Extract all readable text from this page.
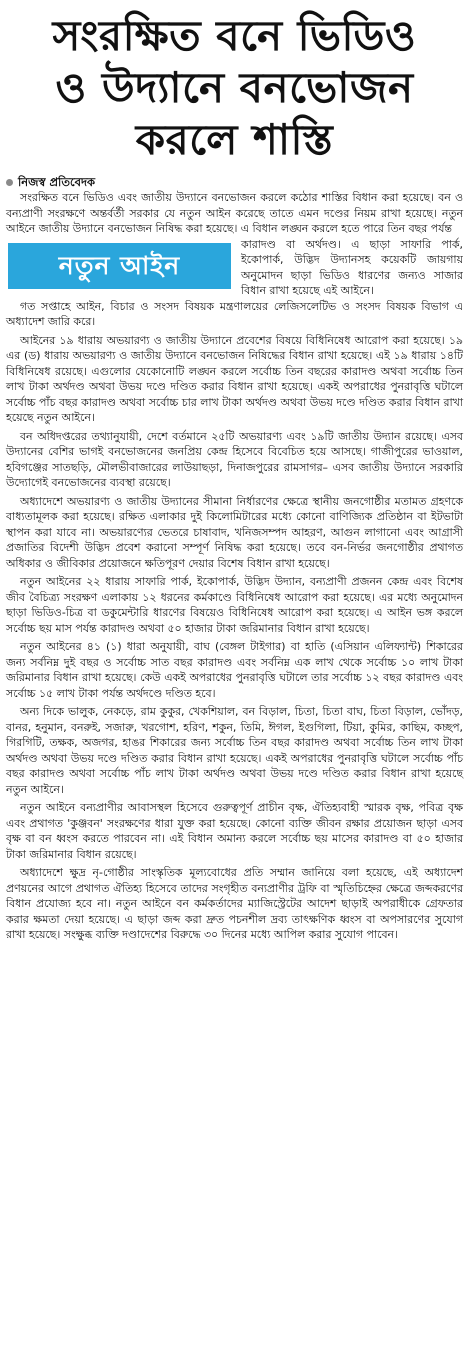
সংরক্ষিত বনে ভিডিও
ও উদ্যানে বনভোজন
করলে শাস্তি
নিজস্ব প্রতিবেদক

সংরক্ষিত বনে ভিডিও এবং জাতীয় উদ্যানে বনভোজন করলে কঠোর শাস্তির বিধান করা হয়েছে। বন ও বন্যপ্রাণী সংরক্ষণে অন্তর্বর্তী সরকার যে নতুন আইন করেছে তাতে এমন দণ্ডের নিয়ম রাখা হয়েছে। নতুন আইনে জাতীয় উদ্যানে বনভোজন নিষিদ্ধ করা হয়েছে। এ বিধান লঙ্ঘন করলে হতে পারে তিন বছর পর্যন্ত

নতুন আইন

কারাদণ্ড বা অর্থদণ্ড। এ ছাড়া সাফারি পার্ক, ইকোপার্ক, উদ্ভিদ উদ্যানসহ কয়েকটি জায়গায় অনুমোদন ছাড়া ভিডিও ধারণের জন্যও সাজার বিধান রাখা হয়েছে এই আইনে।

গত সপ্তাহে আইন, বিচার ও সংসদ বিষয়ক মন্ত্রণালয়ের লেজিসলেটিভ ও সংসদ বিষয়ক বিভাগ এ অধ্যাদেশ জারি করে।

আইনের ১৯ ধারায় অভয়ারণ্য ও জাতীয় উদ্যানে প্রবেশের বিষয়ে বিধিনিষেধ আরোপ করা হয়েছে। ১৯ এর (ড) ধারায় অভয়ারণ্য ও জাতীয় উদ্যানে বনভোজন নিষিদ্ধের বিধান রাখা হয়েছে। এই ১৯ ধারায় ১৪টি বিধিনিষেধ রয়েছে। এগুলোর যেকোনোটি লঙ্ঘন করলে সর্বোচ্চ তিন বছরের কারাদণ্ড অথবা সর্বোচ্চ তিন লাখ টাকা অর্থদণ্ড অথবা উভয় দণ্ডে দণ্ডিত করার বিধান রাখা হয়েছে। একই অপরাধের পুনরাবৃত্তি ঘটালে সর্বোচ্চ পাঁচ বছর কারাদণ্ড অথবা সর্বোচ্চ চার লাখ টাকা অর্থদণ্ড অথবা উভয় দণ্ডে দণ্ডিত করার বিধান রাখা হয়েছে নতুন আইনে।

বন অধিদপ্তরের তথ্যানুযায়ী, দেশে বর্তমানে ২৫টি অভয়ারণ্য এবং ১৯টি জাতীয় উদ্যান রয়েছে। এসব উদ্যানের বেশির ভাগই বনভোজনের জনপ্রিয় কেন্দ্র হিসেবে বিবেচিত হয়ে আসছে। গাজীপুরের ভাওয়াল, হবিগঞ্জের সাতছড়ি, মৌলভীবাজারের লাউয়াছড়া, দিনাজপুরের রামসাগর– এসব জাতীয় উদ্যানে সরকারি উদ্যোগেই বনভোজনের ব্যবস্থা রয়েছে।

অধ্যাদেশে অভয়ারণ্য ও জাতীয় উদ্যানের সীমানা নির্ধারণের ক্ষেত্রে স্থানীয় জনগোষ্ঠীর মতামত গ্রহণকে বাধ্যতামূলক করা হয়েছে। রক্ষিত এলাকার দুই কিলোমিটারের মধ্যে কোনো বাণিজ্যিক প্রতিষ্ঠান বা ইটভাটা স্থাপন করা যাবে না। অভয়ারণ্যের ভেতরে চাষাবাদ, খনিজসম্পদ আহরণ, আগুন লাগানো এবং আগ্রাসী প্রজাতির বিদেশী উদ্ভিদ প্রবেশ করানো সম্পূর্ণ নিষিদ্ধ করা হয়েছে। তবে বন-নির্ভর জনগোষ্ঠীর প্রথাগত অধিকার ও জীবিকার প্রয়োজনে ক্ষতিপূরণ দেয়ার বিশেষ বিধান রাখা হয়েছে।

নতুন আইনের ২২ ধারায় সাফারি পার্ক, ইকোপার্ক, উদ্ভিদ উদ্যান, বন্যপ্রাণী প্রজনন কেন্দ্র এবং বিশেষ জীব বৈচিত্র্য সংরক্ষণ এলাকায় ১২ ধরনের কর্মকাণ্ডে বিধিনিষেধ আরোপ করা হয়েছে। এর মধ্যে অনুমোদন ছাড়া ভিডিও-চিত্র বা ডকুমেন্টারি ধারণের বিষয়েও বিধিনিষেধ আরোপ করা হয়েছে। এ আইন ভঙ্গ করলে সর্বোচ্চ ছয় মাস পর্যন্ত কারাদণ্ড অথবা ৫০ হাজার টাকা জরিমানার বিধান রাখা হয়েছে।

নতুন আইনের ৪১ (১) ধারা অনুযায়ী, বাঘ (বেঙ্গল টাইগার) বা হাতি (এসিয়ান এলিফ্যান্ট) শিকারের জন্য সর্বনিম্ন দুই বছর ও সর্বোচ্চ সাত বছর কারাদণ্ড এবং সর্বনিম্ন এক লাখ থেকে সর্বোচ্চ ১০ লাখ টাকা জরিমানার বিধান রাখা হয়েছে। কেউ একই অপরাধের পুনরাবৃত্তি ঘটালে তার সর্বোচ্চ ১২ বছর কারাদণ্ড এবং সর্বোচ্চ ১৫ লাখ টাকা পর্যন্ত অর্থদণ্ডে দণ্ডিত হবে।

অন্য দিকে ভালুক, নেকড়ে, রাম কুকুর, খেকশিয়াল, বন বিড়াল, চিতা, চিতা বাঘ, চিতা বিড়াল, ভোঁদড়, বানর, হনুমান, বনরুই, সজারু, খরগোশ, হরিণ, শকুন, তিমি, ঈগল, ইগুগিলা, টিয়া, কুমির, কাছিম, কচ্ছপ, গিরগিটি, তক্ষক, অজগর, হাঙর শিকারের জন্য সর্বোচ্চ তিন বছর কারাদণ্ড অথবা সর্বোচ্চ তিন লাখ টাকা অর্থদণ্ড অথবা উভয় দণ্ডে দণ্ডিত করার বিধান রাখা হয়েছে। একই অপরাধের পুনরাবৃত্তি ঘটালে সর্বোচ্চ পাঁচ বছর কারাদণ্ড অথবা সর্বোচ্চ পাঁচ লাখ টাকা অর্থদণ্ড অথবা উভয় দণ্ডে দণ্ডিত করার বিধান রাখা হয়েছে নতুন আইনে।

নতুন আইনে বন্যপ্রাণীর আবাসস্থল হিসেবে গুরুত্বপূর্ণ প্রাচীন বৃক্ষ, ঐতিহ্যবাহী স্মারক বৃক্ষ, পবিত্র বৃক্ষ এবং প্রথাগত 'কুঞ্জবন' সংরক্ষণের ধারা যুক্ত করা হয়েছে। কোনো ব্যক্তি জীবন রক্ষার প্রয়োজন ছাড়া এসব বৃক্ষ বা বন ধ্বংস করতে পারবেন না। এই বিধান অমান্য করলে সর্বোচ্চ ছয় মাসের কারাদণ্ড বা ৫০ হাজার টাকা জরিমানার বিধান রয়েছে।

অধ্যাদেশে ক্ষুদ্র নৃ-গোষ্ঠীর সাংস্কৃতিক মূল্যবোধের প্রতি সম্মান জানিয়ে বলা হয়েছে, এই অধ্যাদেশ প্রণয়নের আগে প্রথাগত ঐতিহ্য হিসেবে তাদের সংগৃহীত বন্যপ্রাণীর ট্রফি বা স্মৃতিচিহ্নের ক্ষেত্রে জব্দকরণের বিধান প্রযোজ্য হবে না। নতুন আইনে বন কর্মকর্তাদের ম্যাজিস্ট্রেটের আদেশ ছাড়াই অপরাধীকে গ্রেফতার করার ক্ষমতা দেয়া হয়েছে। এ ছাড়া জব্দ করা দ্রুত পচনশীল দ্রব্য তাৎক্ষণিক ধ্বংস বা অপসারণের সুযোগ রাখা হয়েছে। সংক্ষুব্ধ ব্যক্তি দণ্ডাদেশের বিরুদ্ধে ৩০ দিনের মধ্যে আপিল করার সুযোগ পাবেন।
